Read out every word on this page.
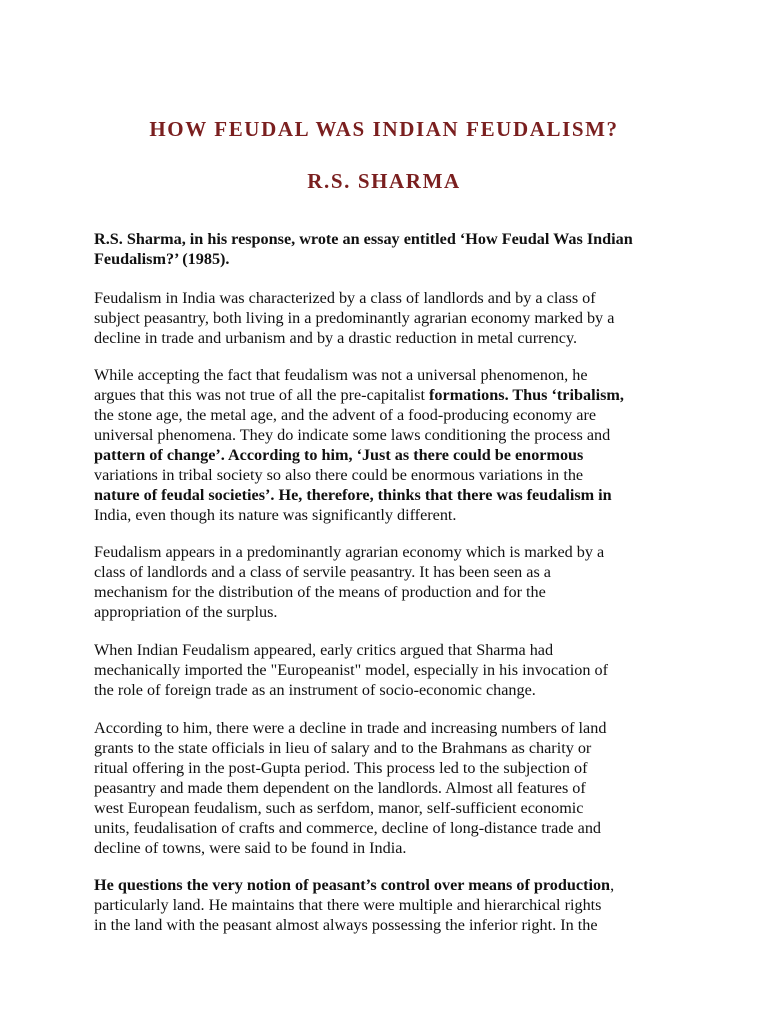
HOW FEUDAL WAS INDIAN FEUDALISM?
R.S. SHARMA
R.S. Sharma, in his response, wrote an essay entitled ‘How Feudal Was Indian
Feudalism?’ (1985).
Feudalism in India was characterized by a class of landlords and by a class of
subject peasantry, both living in a predominantly agrarian economy marked by a
decline in trade and urbanism and by a drastic reduction in metal currency.
While accepting the fact that feudalism was not a universal phenomenon, he
argues that this was not true of all the pre-capitalist formations. Thus ‘tribalism,
the stone age, the metal age, and the advent of a food-producing economy are
universal phenomena. They do indicate some laws conditioning the process and
pattern of change’. According to him, ‘Just as there could be enormous
variations in tribal society so also there could be enormous variations in the
nature of feudal societies’. He, therefore, thinks that there was feudalism in
India, even though its nature was significantly different.
Feudalism appears in a predominantly agrarian economy which is marked by a
class of landlords and a class of servile peasantry. It has been seen as a
mechanism for the distribution of the means of production and for the
appropriation of the surplus.
When Indian Feudalism appeared, early critics argued that Sharma had
mechanically imported the "Europeanist" model, especially in his invocation of
the role of foreign trade as an instrument of socio-economic change.
According to him, there were a decline in trade and increasing numbers of land
grants to the state officials in lieu of salary and to the Brahmans as charity or
ritual offering in the post-Gupta period. This process led to the subjection of
peasantry and made them dependent on the landlords. Almost all features of
west European feudalism, such as serfdom, manor, self-sufficient economic
units, feudalisation of crafts and commerce, decline of long-distance trade and
decline of towns, were said to be found in India.
He questions the very notion of peasant’s control over means of production,
particularly land. He maintains that there were multiple and hierarchical rights
in the land with the peasant almost always possessing the inferior right. In the
